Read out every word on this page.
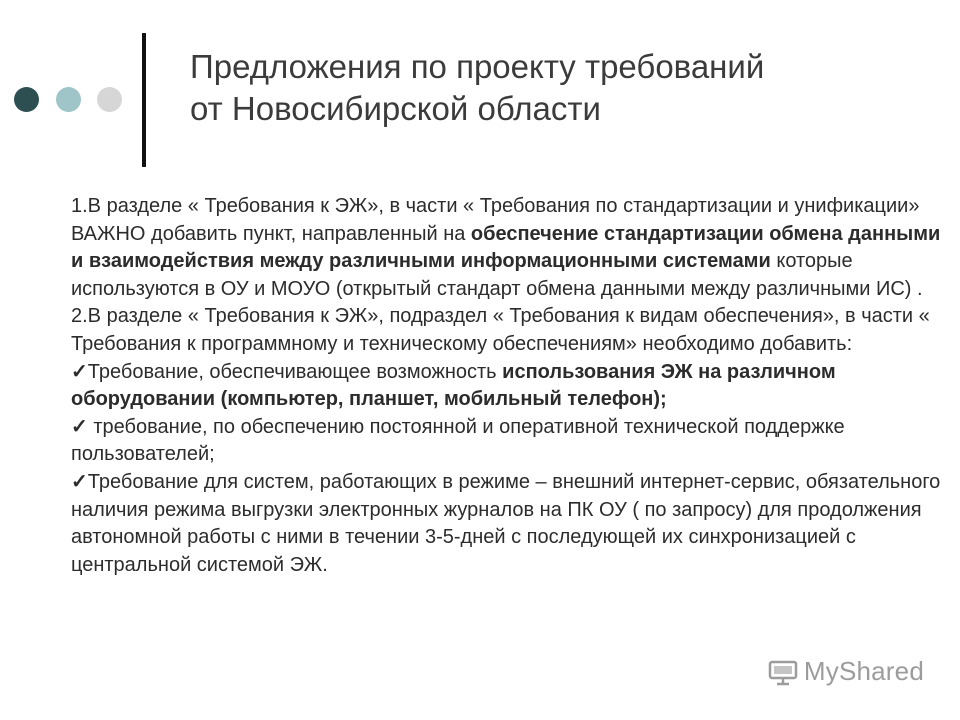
Предложения по проекту требований
от Новосибирской области

1.В разделе « Требования к ЭЖ», в части « Требования по стандартизации и унификации» ВАЖНО добавить пункт, направленный на обеспечение стандартизации обмена данными и взаимодействия между различными информационными системами которые используются в ОУ и МОУО (открытый стандарт обмена данными между различными ИС) .

2.В разделе « Требования к ЭЖ», подраздел « Требования к видам обеспечения», в части « Требования к программному и техническому обеспечениям» необходимо добавить:

✓Требование, обеспечивающее возможность использования ЭЖ на различном оборудовании (компьютер, планшет, мобильный телефон);

✓ требование, по обеспечению постоянной и оперативной технической поддержке пользователей;

✓Требование для систем, работающих в режиме – внешний интернет-сервис, обязательного наличия режима выгрузки электронных журналов на ПК ОУ ( по запросу) для продолжения автономной работы с ними в течении 3-5-дней с последующей их синхронизацией с центральной системой ЭЖ.

MyShared
